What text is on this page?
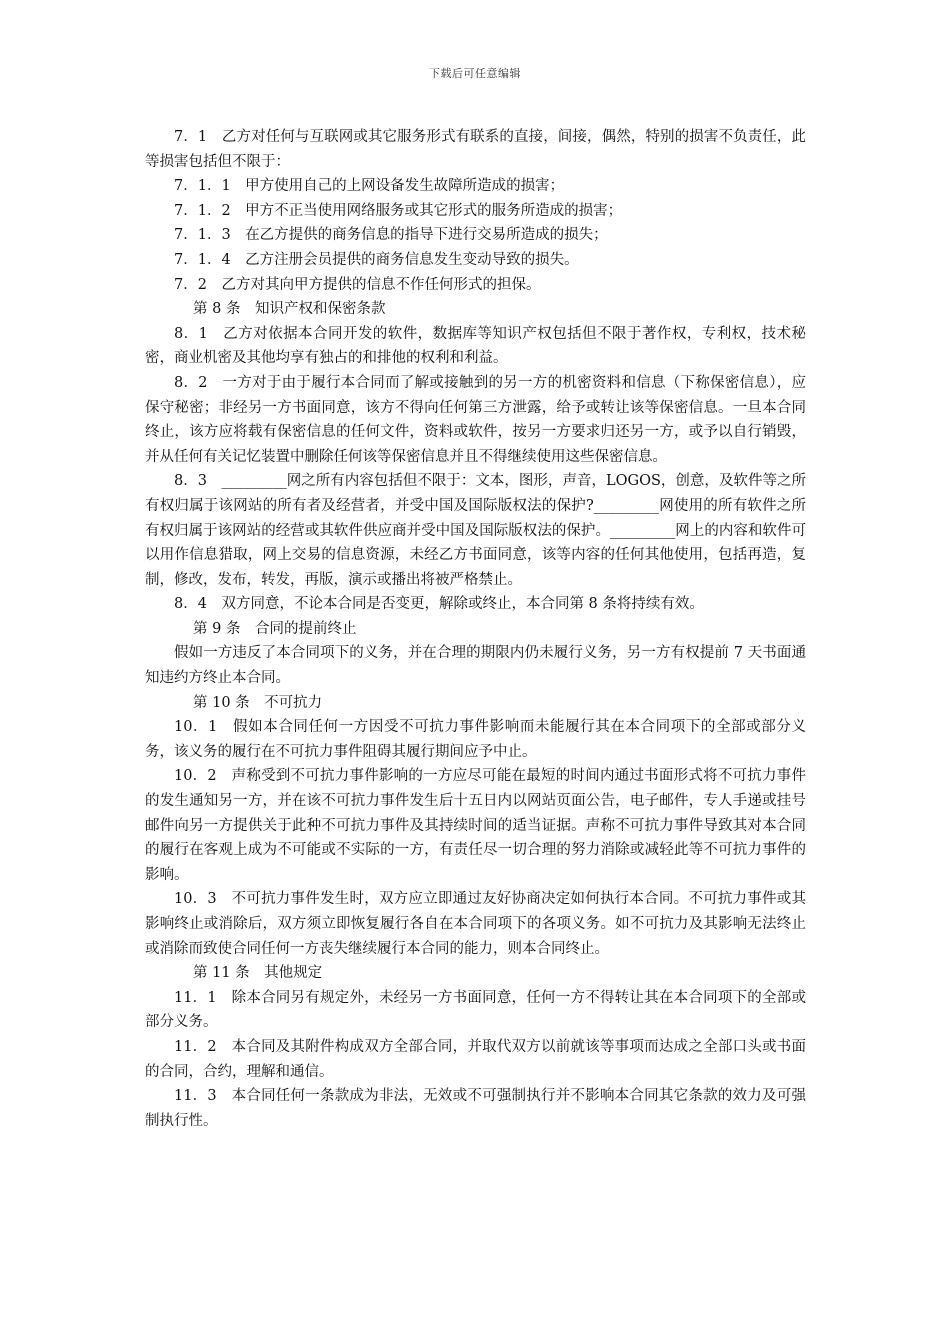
下载后可任意编辑

7．1　乙方对任何与互联网或其它服务形式有联系的直接，间接，偶然，特别的损害不负责任，此等损害包括但不限于：

7．1．1　甲方使用自己的上网设备发生故障所造成的损害；

7．1．2　甲方不正当使用网络服务或其它形式的服务所造成的损害；

7．1．3　在乙方提供的商务信息的指导下进行交易所造成的损失；

7．1．4　乙方注册会员提供的商务信息发生变动导致的损失。

7．2　乙方对其向甲方提供的信息不作任何形式的担保。

第 8 条　知识产权和保密条款

8．1　乙方对依据本合同开发的软件，数据库等知识产权包括但不限于著作权，专利权，技术秘密，商业机密及其他均享有独占的和排他的权利和利益。

8．2　一方对于由于履行本合同而了解或接触到的另一方的机密资料和信息（下称保密信息），应保守秘密；非经另一方书面同意，该方不得向任何第三方泄露，给予或转让该等保密信息。一旦本合同终止，该方应将载有保密信息的任何文件，资料或软件，按另一方要求归还另一方，或予以自行销毁，并从任何有关记忆装置中删除任何该等保密信息并且不得继续使用这些保密信息。

8．3　_________网之所有内容包括但不限于：文本，图形，声音，LOGOS，创意，及软件等之所有权归属于该网站的所有者及经营者，并受中国及国际版权法的保护?_________网使用的所有软件之所有权归属于该网站的经营或其软件供应商并受中国及国际版权法的保护。_________网上的内容和软件可以用作信息猎取，网上交易的信息资源，未经乙方书面同意，该等内容的任何其他使用，包括再造，复制，修改，发布，转发，再版，演示或播出将被严格禁止。

8．4　双方同意，不论本合同是否变更，解除或终止，本合同第 8 条将持续有效。

第 9 条　合同的提前终止

假如一方违反了本合同项下的义务，并在合理的期限内仍未履行义务，另一方有权提前 7 天书面通知违约方终止本合同。

第 10 条　不可抗力

10．1　假如本合同任何一方因受不可抗力事件影响而未能履行其在本合同项下的全部或部分义务，该义务的履行在不可抗力事件阻碍其履行期间应予中止。

10．2　声称受到不可抗力事件影响的一方应尽可能在最短的时间内通过书面形式将不可抗力事件的发生通知另一方，并在该不可抗力事件发生后十五日内以网站页面公告，电子邮件，专人手递或挂号邮件向另一方提供关于此种不可抗力事件及其持续时间的适当证据。声称不可抗力事件导致其对本合同的履行在客观上成为不可能或不实际的一方，有责任尽一切合理的努力消除或减轻此等不可抗力事件的影响。

10．3　不可抗力事件发生时，双方应立即通过友好协商决定如何执行本合同。不可抗力事件或其影响终止或消除后，双方须立即恢复履行各自在本合同项下的各项义务。如不可抗力及其影响无法终止或消除而致使合同任何一方丧失继续履行本合同的能力，则本合同终止。

第 11 条　其他规定

11．1　除本合同另有规定外，未经另一方书面同意，任何一方不得转让其在本合同项下的全部或部分义务。

11．2　本合同及其附件构成双方全部合同，并取代双方以前就该等事项而达成之全部口头或书面的合同，合约，理解和通信。

11．3　本合同任何一条款成为非法，无效或不可强制执行并不影响本合同其它条款的效力及可强制执行性。
